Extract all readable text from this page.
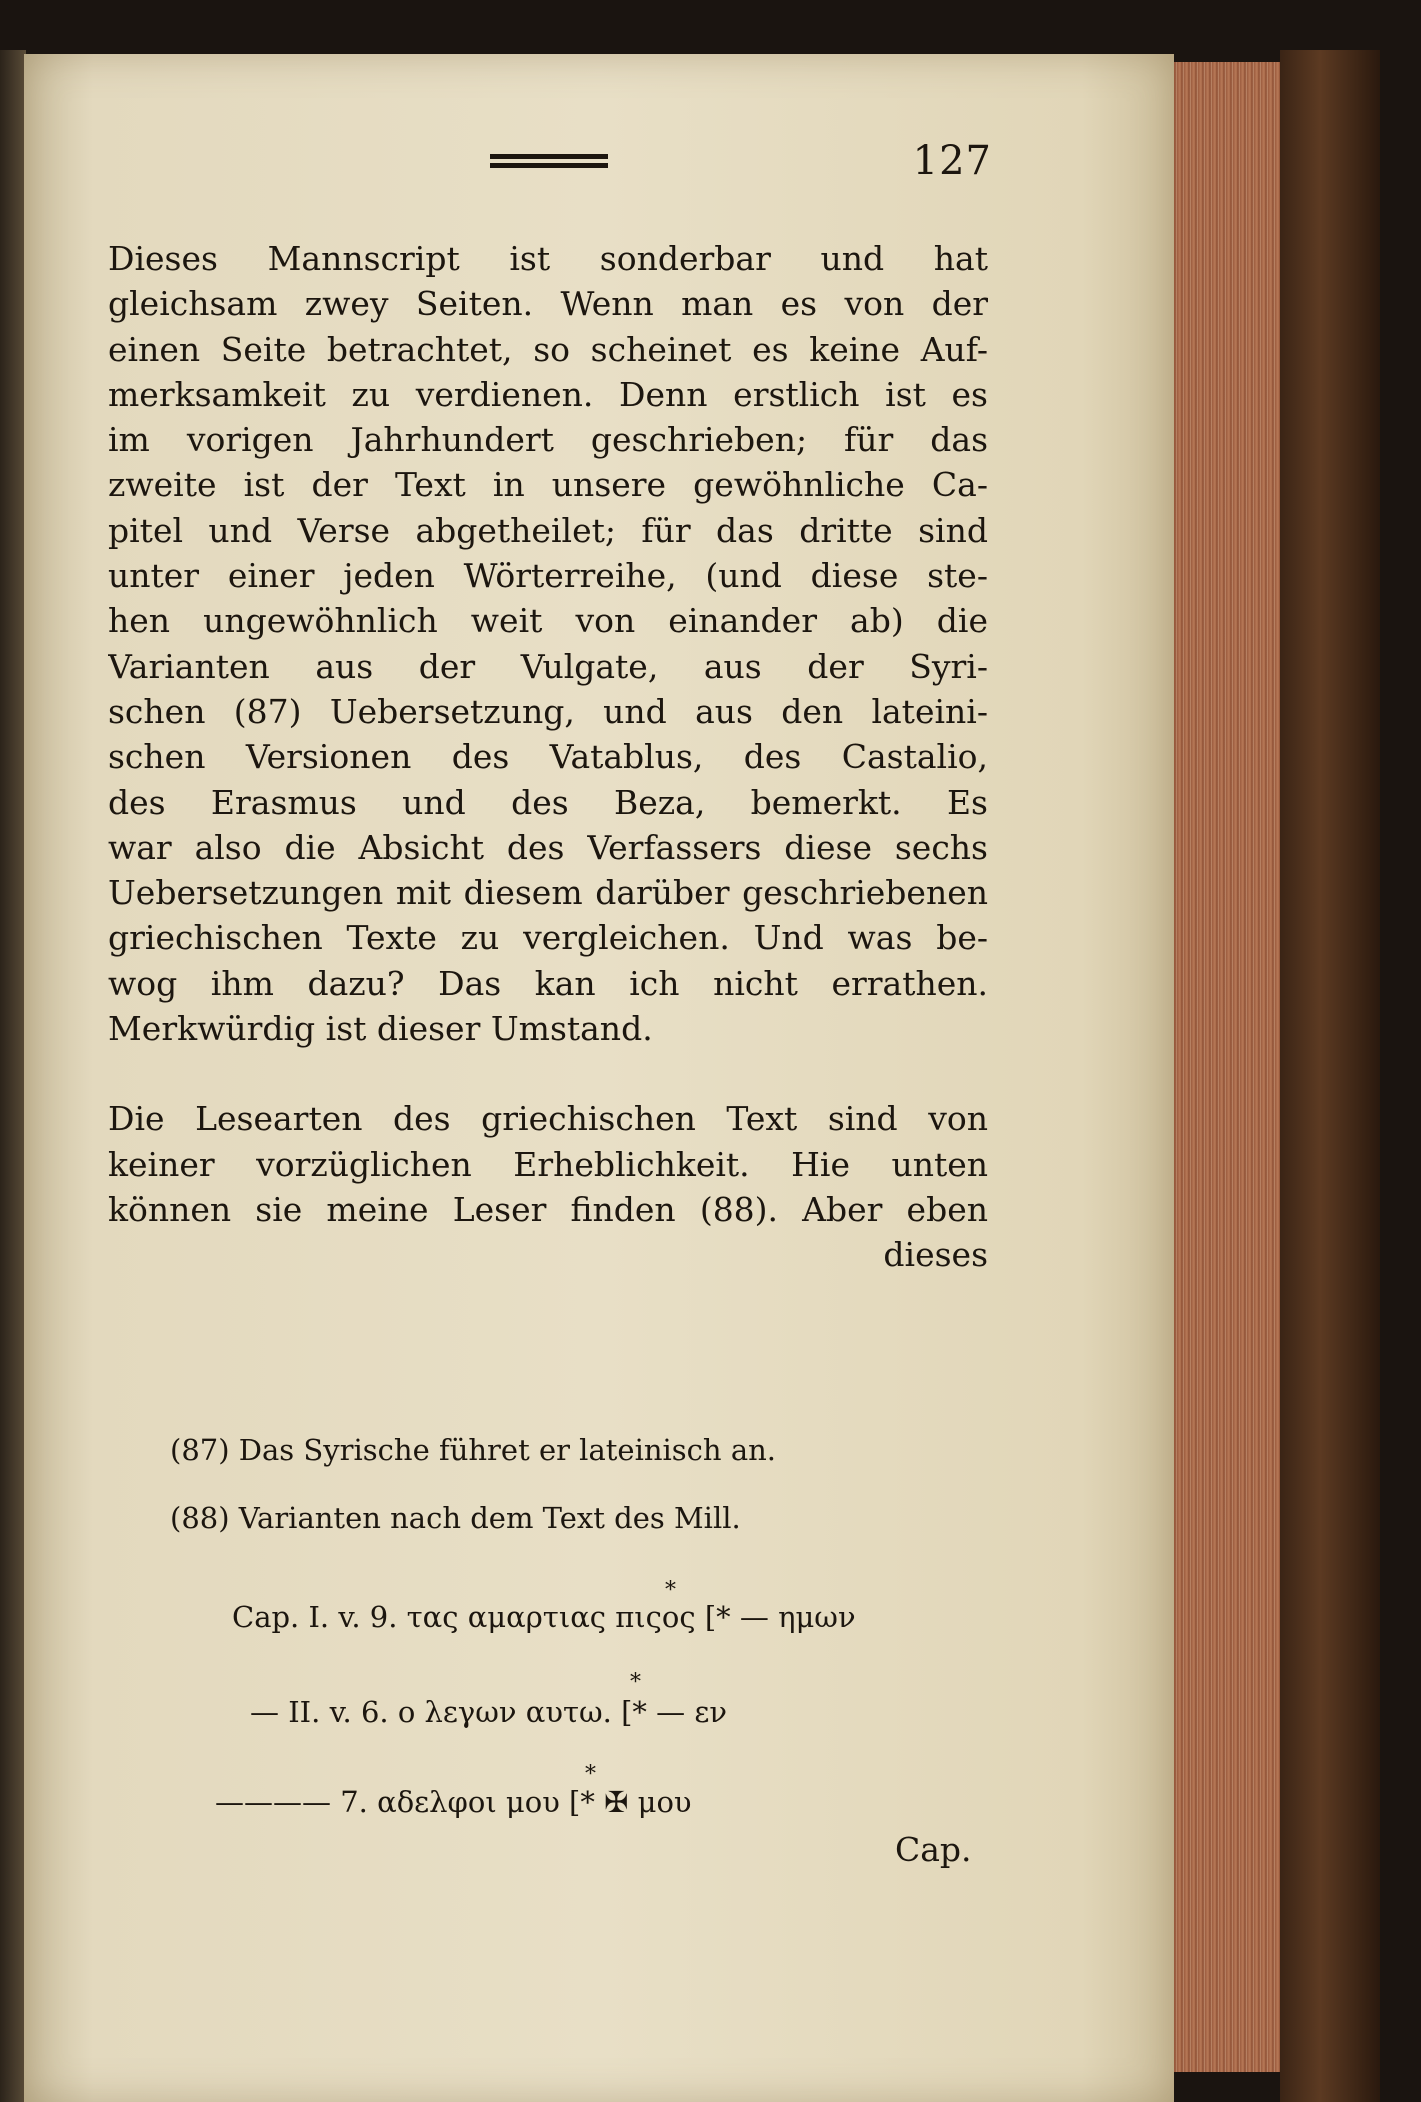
127
Dieses Mannscript ist sonderbar und hat
gleichsam zwey Seiten. Wenn man es von der
einen Seite betrachtet, so scheinet es keine Auf-
merksamkeit zu verdienen. Denn erstlich ist es
im vorigen Jahrhundert geschrieben; für das
zweite ist der Text in unsere gewöhnliche Ca-
pitel und Verse abgetheilet; für das dritte sind
unter einer jeden Wörterreihe, (und diese ste-
hen ungewöhnlich weit von einander ab) die
Varianten aus der Vulgate, aus der Syri-
schen (87) Uebersetzung, und aus den lateini-
schen Versionen des Vatablus, des Castalio,
des Erasmus und des Beza, bemerkt. Es
war also die Absicht des Verfassers diese sechs
Uebersetzungen mit diesem darüber geschriebenen
griechischen Texte zu vergleichen. Und was be-
wog ihm dazu? Das kan ich nicht errathen.
Merkwürdig ist dieser Umstand.
Die Lesearten des griechischen Text sind von
keiner vorzüglichen Erheblichkeit. Hie unten
können sie meine Leser finden (88). Aber eben
dieses
(87) Das Syrische führet er lateinisch an.
(88) Varianten nach dem Text des Mill.
*
Cap. I. v. 9. τας αμαρτιας πιςος [* — ημων
*
— II. v. 6. ο λεγων αυτω. [* — εν
*
———— 7. αδελφοι μου [* ✠ μου
Cap.
